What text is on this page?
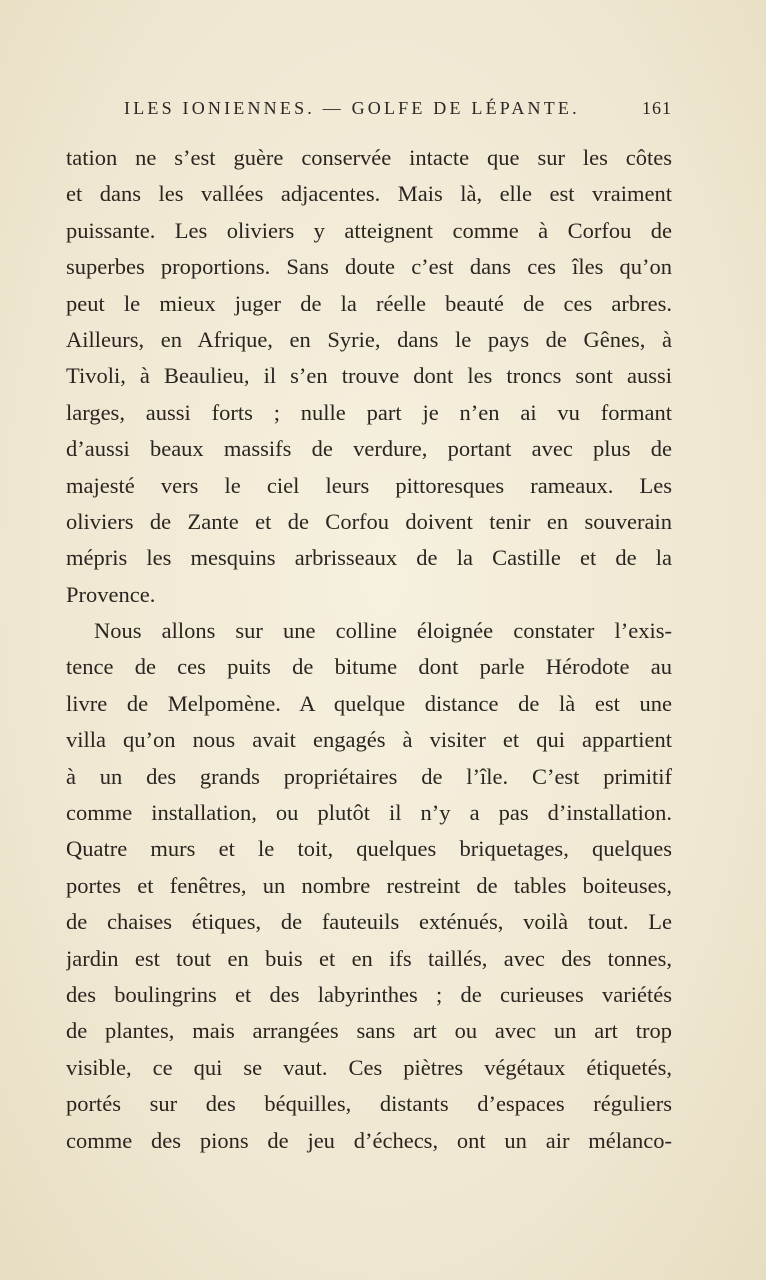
ILES IONIENNES. — GOLFE DE LÉPANTE.	161
tation ne s’est guère conservée intacte que sur les côtes
et dans les vallées adjacentes. Mais là, elle est vraiment
puissante. Les oliviers y atteignent comme à Corfou de
superbes proportions. Sans doute c’est dans ces îles qu’on
peut le mieux juger de la réelle beauté de ces arbres.
Ailleurs, en Afrique, en Syrie, dans le pays de Gênes, à
Tivoli, à Beaulieu, il s’en trouve dont les troncs sont aussi
larges, aussi forts ; nulle part je n’en ai vu formant
d’aussi beaux massifs de verdure, portant avec plus de
majesté vers le ciel leurs pittoresques rameaux. Les
oliviers de Zante et de Corfou doivent tenir en souverain
mépris les mesquins arbrisseaux de la Castille et de la
Provence.
Nous allons sur une colline éloignée constater l’exis-
tence de ces puits de bitume dont parle Hérodote au
livre de Melpomène. A quelque distance de là est une
villa qu’on nous avait engagés à visiter et qui appartient
à un des grands propriétaires de l’île. C’est primitif
comme installation, ou plutôt il n’y a pas d’installation.
Quatre murs et le toit, quelques briquetages, quelques
portes et fenêtres, un nombre restreint de tables boiteuses,
de chaises étiques, de fauteuils exténués, voilà tout. Le
jardin est tout en buis et en ifs taillés, avec des tonnes,
des boulingrins et des labyrinthes ; de curieuses variétés
de plantes, mais arrangées sans art ou avec un art trop
visible, ce qui se vaut. Ces piètres végétaux étiquetés,
portés sur des béquilles, distants d’espaces réguliers
comme des pions de jeu d’échecs, ont un air mélanco-
